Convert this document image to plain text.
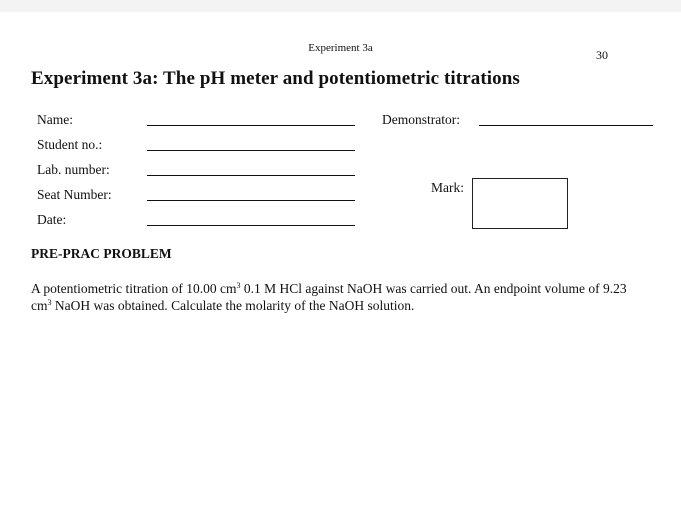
Experiment 3a	30
Experiment 3a: The pH meter and potentiometric titrations
Name:
Student no.:
Lab. number:
Seat Number:
Date:
Demonstrator:
Mark:
PRE-PRAC PROBLEM
A potentiometric titration of 10.00 $cm^3$ 0.1 M HCl against NaOH was carried out. An endpoint volume of 9.23 $cm^3$ NaOH was obtained. Calculate the molarity of the NaOH solution.
